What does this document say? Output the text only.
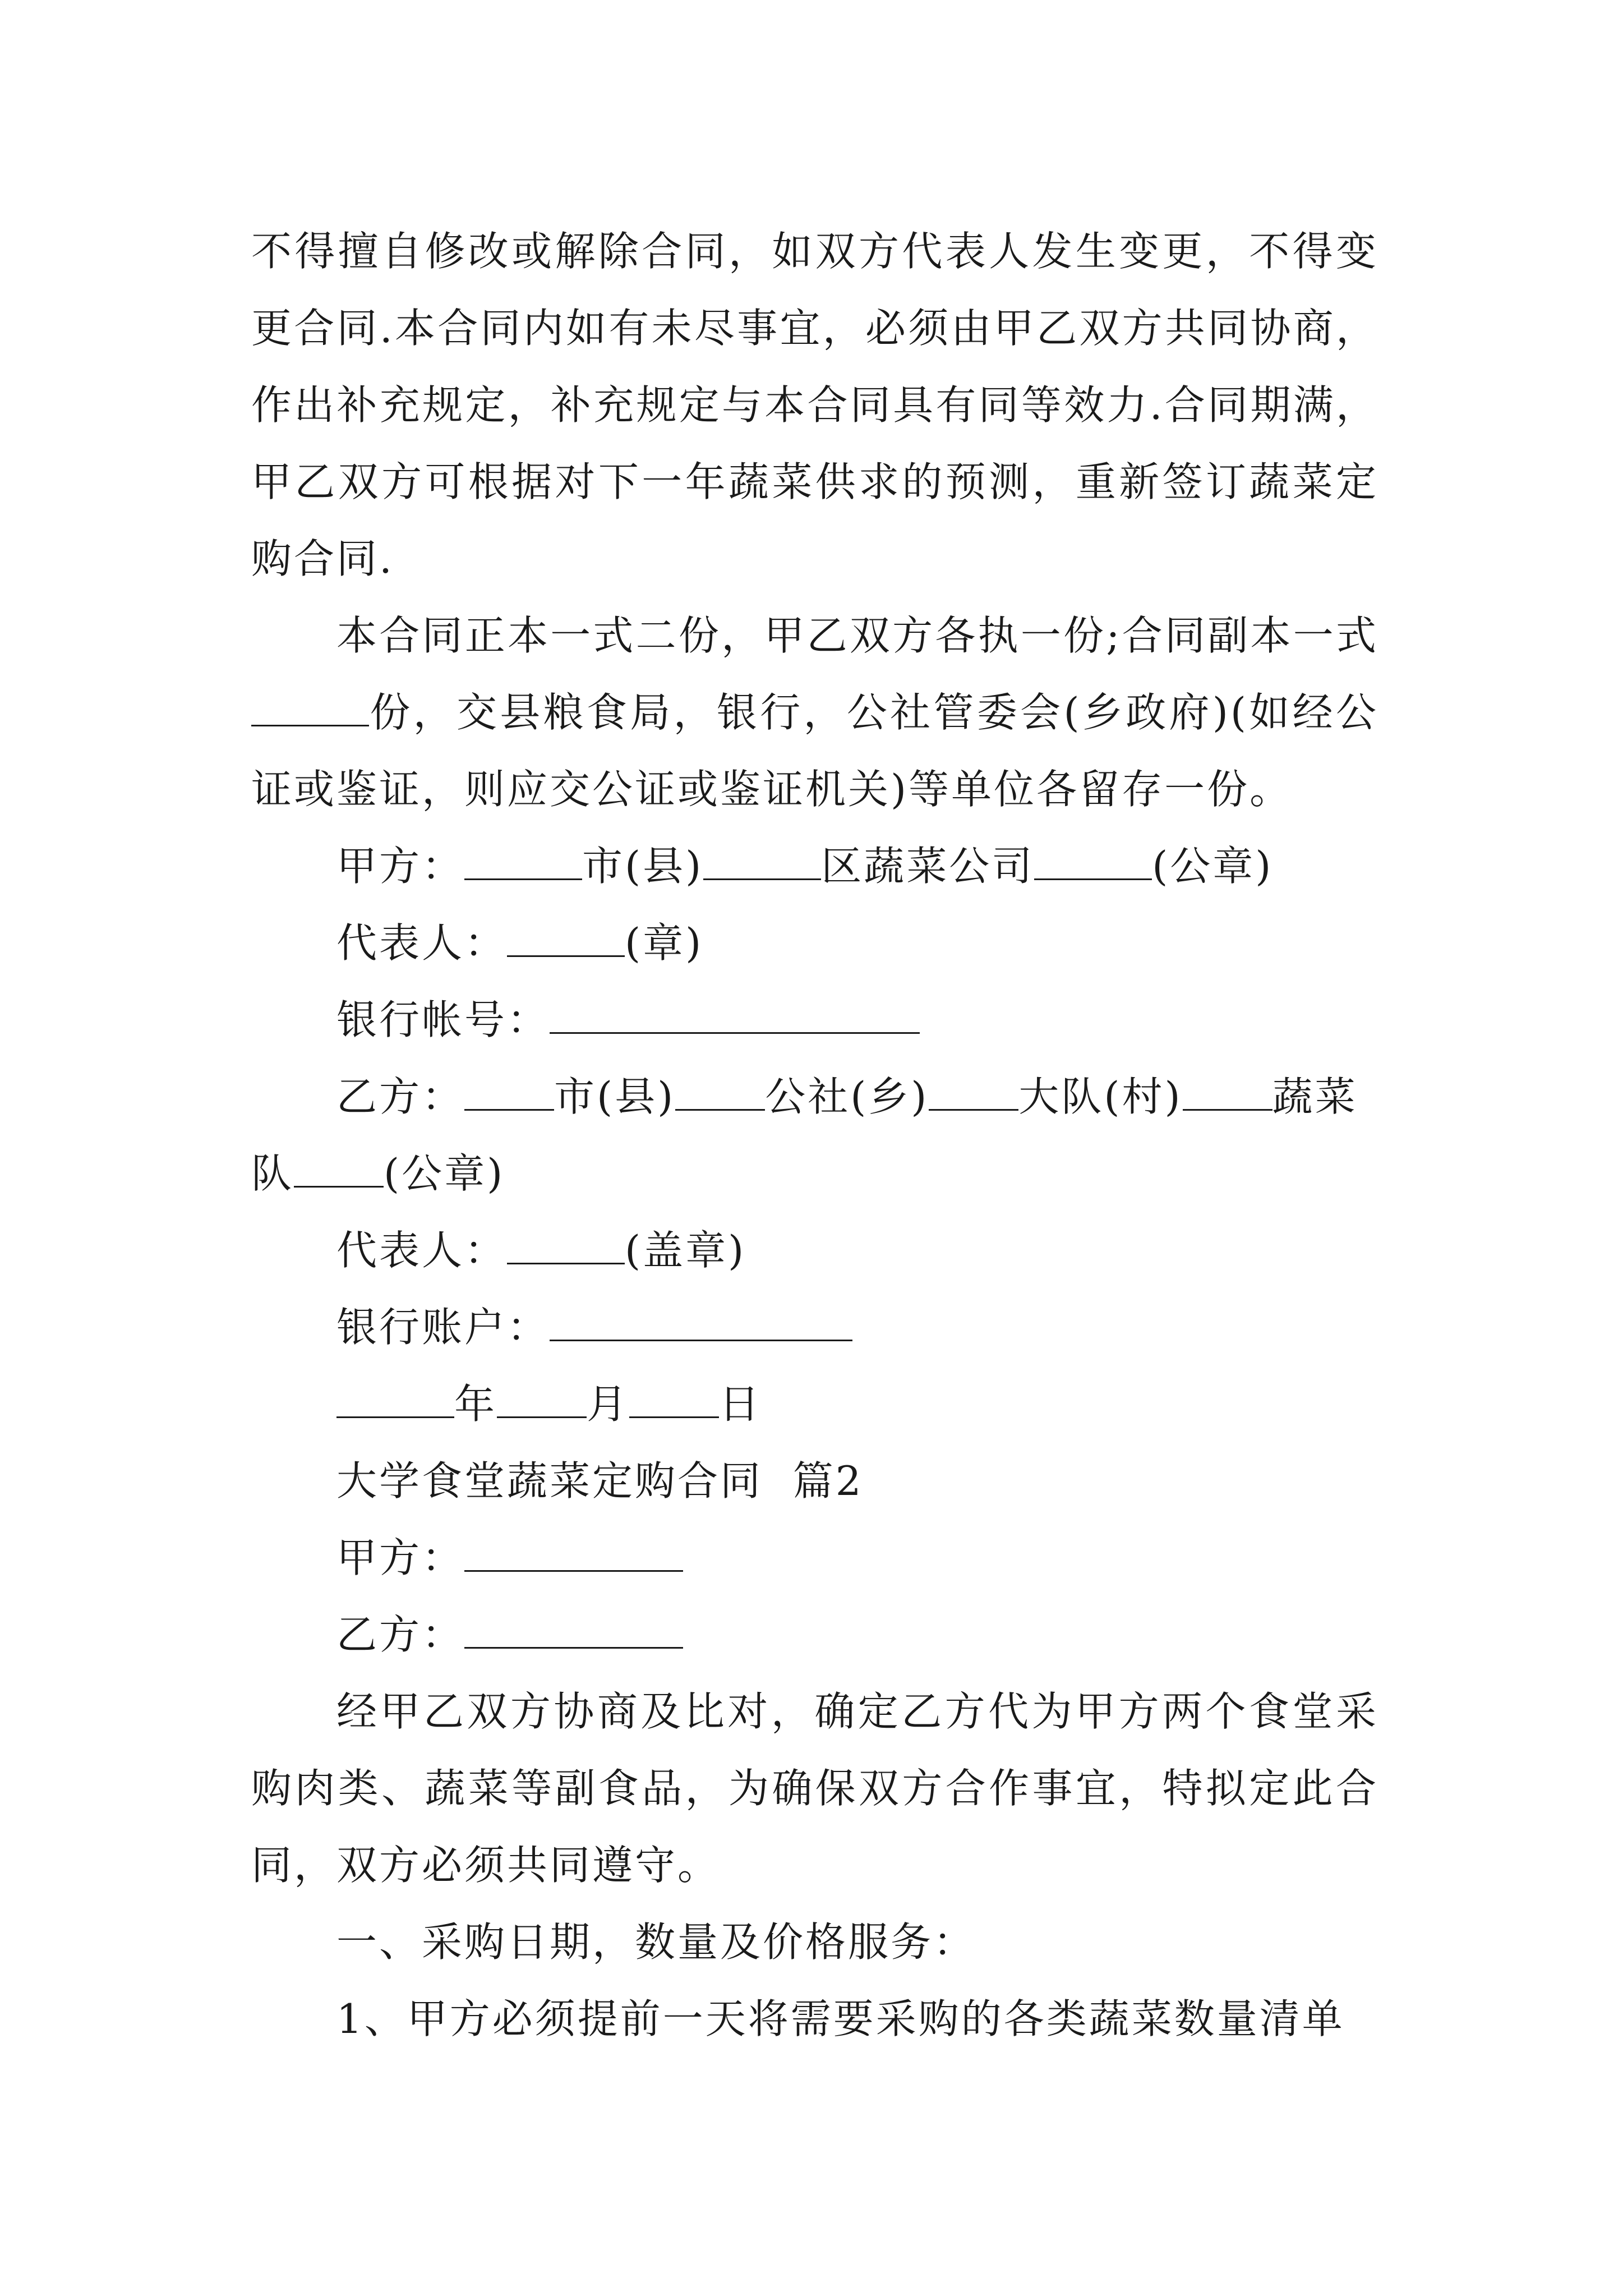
不得擅自修改或解除合同，如双方代表人发生变更，不得变更合同.本合同内如有未尽事宜，必须由甲乙双方共同协商，作出补充规定，补充规定与本合同具有同等效力.合同期满，甲乙双方可根据对下一年蔬菜供求的预测，重新签订蔬菜定购合同.

本合同正本一式二份，甲乙双方各执一份;合同副本一式份，交县粮食局，银行，公社管委会(乡政府)(如经公证或鉴证，则应交公证或鉴证机关)等单位各留存一份。

甲方：	市(县)	区蔬菜公司	(公章)

代表人：	(章)

银行帐号：

乙方： 市(县) 公社(乡) 大队(村) 蔬菜

队 (公章)

代表人：	(盖章)

银行账户：

年 月 日

大学食堂蔬菜定购合同  篇2

甲方：

乙方：

经甲乙双方协商及比对，确定乙方代为甲方两个食堂采购肉类、蔬菜等副食品，为确保双方合作事宜，特拟定此合同，双方必须共同遵守。

一、采购日期，数量及价格服务：

1、甲方必须提前一天将需要采购的各类蔬菜数量清单
